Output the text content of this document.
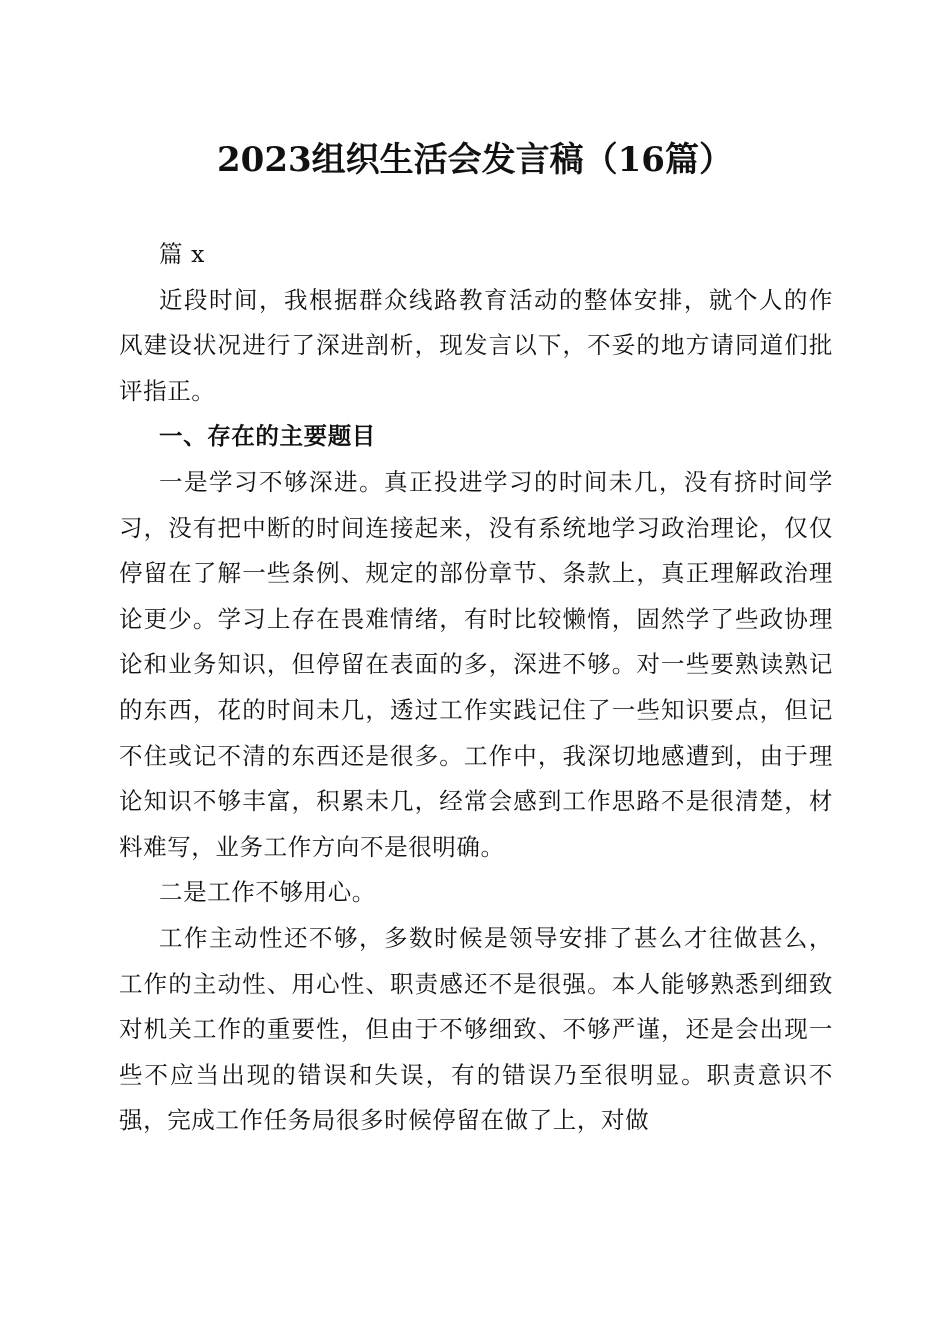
2023组织生活会发言稿（16篇）

篇 x

近段时间，我根据群众线路教育活动的整体安排，就个人的作风建设状况进行了深进剖析，现发言以下，不妥的地方请同道们批评指正。

一、存在的主要题目

一是学习不够深进。真正投进学习的时间未几，没有挤时间学习，没有把中断的时间连接起来，没有系统地学习政治理论，仅仅停留在了解一些条例、规定的部份章节、条款上，真正理解政治理论更少。学习上存在畏难情绪，有时比较懒惰，固然学了些政协理论和业务知识，但停留在表面的多，深进不够。对一些要熟读熟记的东西，花的时间未几，透过工作实践记住了一些知识要点，但记不住或记不清的东西还是很多。工作中，我深切地感遭到，由于理论知识不够丰富，积累未几，经常会感到工作思路不是很清楚，材料难写，业务工作方向不是很明确。

二是工作不够用心。

工作主动性还不够，多数时候是领导安排了甚么才往做甚么，工作的主动性、用心性、职责感还不是很强。本人能够熟悉到细致对机关工作的重要性，但由于不够细致、不够严谨，还是会出现一些不应当出现的错误和失误，有的错误乃至很明显。职责意识不强，完成工作任务局很多时候停留在做了上，对做
